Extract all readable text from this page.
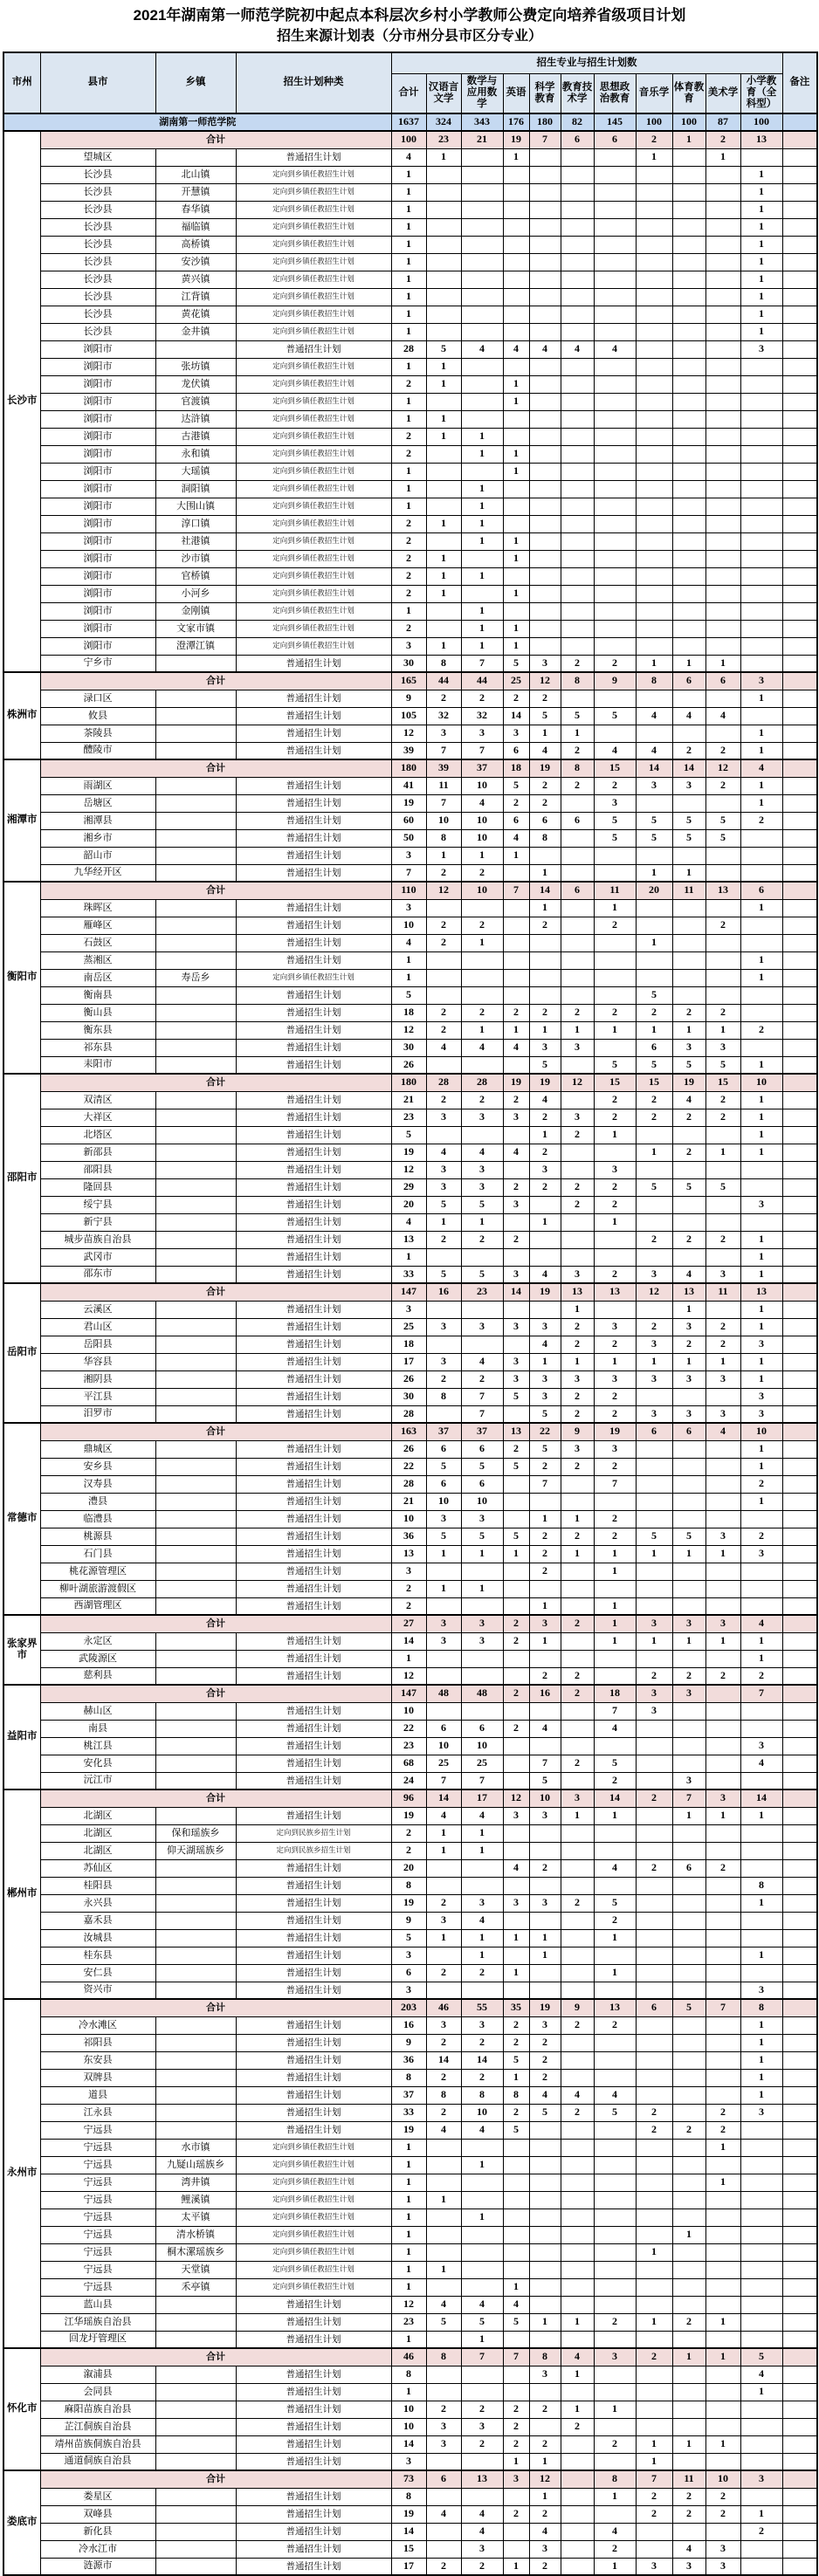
2021年湖南第一师范学院初中起点本科层次乡村小学教师公费定向培养省级项目计划
招生来源计划表（分市州分县市区分专业）
市州	县市	乡镇	招生计划种类	招生专业与招生计划数											备注
				合计	汉语言文学	数学与应用数学	英语	科学教育	教育技术学	思想政治教育	音乐学	体育教育	美术学	小学教育（全科型）	
湖南第一师范学院				1637	324	343	176	180	82	145	100	100	87	100	
长沙市	合计			100	23	21	19	7	6	6	2	1	2	13	
	望城区		普通招生计划	4	1		1				1		1		
	长沙县	北山镇	定向到乡镇任教招生计划	1										1	
	长沙县	开慧镇	定向到乡镇任教招生计划	1										1	
	长沙县	春华镇	定向到乡镇任教招生计划	1										1	
	长沙县	福临镇	定向到乡镇任教招生计划	1										1	
	长沙县	高桥镇	定向到乡镇任教招生计划	1										1	
	长沙县	安沙镇	定向到乡镇任教招生计划	1										1	
	长沙县	黄兴镇	定向到乡镇任教招生计划	1										1	
	长沙县	江背镇	定向到乡镇任教招生计划	1										1	
	长沙县	黄花镇	定向到乡镇任教招生计划	1										1	
	长沙县	金井镇	定向到乡镇任教招生计划	1										1	
	浏阳市		普通招生计划	28	5	4	4	4	4	4				3	
	浏阳市	张坊镇	定向到乡镇任教招生计划	1	1										
	浏阳市	龙伏镇	定向到乡镇任教招生计划	2	1		1								
	浏阳市	官渡镇	定向到乡镇任教招生计划	1			1								
	浏阳市	达浒镇	定向到乡镇任教招生计划	1	1										
	浏阳市	古港镇	定向到乡镇任教招生计划	2	1	1									
	浏阳市	永和镇	定向到乡镇任教招生计划	2		1	1								
	浏阳市	大瑶镇	定向到乡镇任教招生计划	1			1								
	浏阳市	洞阳镇	定向到乡镇任教招生计划	1		1									
	浏阳市	大围山镇	定向到乡镇任教招生计划	1		1									
	浏阳市	淳口镇	定向到乡镇任教招生计划	2	1	1									
	浏阳市	社港镇	定向到乡镇任教招生计划	2		1	1								
	浏阳市	沙市镇	定向到乡镇任教招生计划	2	1		1								
	浏阳市	官桥镇	定向到乡镇任教招生计划	2	1	1									
	浏阳市	小河乡	定向到乡镇任教招生计划	2	1		1								
	浏阳市	金刚镇	定向到乡镇任教招生计划	1		1									
	浏阳市	文家市镇	定向到乡镇任教招生计划	2		1	1								
	浏阳市	澄潭江镇	定向到乡镇任教招生计划	3	1	1	1								
	宁乡市		普通招生计划	30	8	7	5	3	2	2	1	1	1		
株洲市	合计			165	44	44	25	12	8	9	8	6	6	3	
	渌口区		普通招生计划	9	2	2	2	2						1	
	攸县		普通招生计划	105	32	32	14	5	5	5	4	4	4		
	茶陵县		普通招生计划	12	3	3	3	1	1					1	
	醴陵市		普通招生计划	39	7	7	6	4	2	4	4	2	2	1	
湘潭市	合计			180	39	37	18	19	8	15	14	14	12	4	
	雨湖区		普通招生计划	41	11	10	5	2	2	2	3	3	2	1	
	岳塘区		普通招生计划	19	7	4	2	2		3				1	
	湘潭县		普通招生计划	60	10	10	6	6	6	5	5	5	5	2	
	湘乡市		普通招生计划	50	8	10	4	8		5	5	5	5		
	韶山市		普通招生计划	3	1	1	1								
	九华经开区		普通招生计划	7	2	2		1			1	1			
衡阳市	合计			110	12	10	7	14	6	11	20	11	13	6	
	珠晖区		普通招生计划	3				1		1				1	
	雁峰区		普通招生计划	10	2	2		2		2			2		
	石鼓区		普通招生计划	4	2	1					1				
	蒸湘区		普通招生计划	1										1	
	南岳区	寿岳乡	定向到乡镇任教招生计划	1										1	
	衡南县		普通招生计划	5							5				
	衡山县		普通招生计划	18	2	2	2	2	2	2	2	2	2		
	衡东县		普通招生计划	12	2	1	1	1	1	1	1	1	1	2	
	祁东县		普通招生计划	30	4	4	4	3	3		6	3	3		
	耒阳市		普通招生计划	26				5		5	5	5	5	1	
邵阳市	合计			180	28	28	19	19	12	15	15	19	15	10	
	双清区		普通招生计划	21	2	2	2	4		2	2	4	2	1	
	大祥区		普通招生计划	23	3	3	3	2	3	2	2	2	2	1	
	北塔区		普通招生计划	5				1	2	1				1	
	新邵县		普通招生计划	19	4	4	4	2			1	2	1	1	
	邵阳县		普通招生计划	12	3	3		3		3					
	隆回县		普通招生计划	29	3	3	2	2	2	2	5	5	5		
	绥宁县		普通招生计划	20	5	5	3		2	2				3	
	新宁县		普通招生计划	4	1	1		1		1					
	城步苗族自治县		普通招生计划	13	2	2	2				2	2	2	1	
	武冈市		普通招生计划	1										1	
	邵东市		普通招生计划	33	5	5	3	4	3	2	3	4	3	1	
岳阳市	合计			147	16	23	14	19	13	13	12	13	11	13	
	云溪区		普通招生计划	3					1			1		1	
	君山区		普通招生计划	25	3	3	3	3	2	3	2	3	2	1	
	岳阳县		普通招生计划	18				4	2	2	3	2	2	3	
	华容县		普通招生计划	17	3	4	3	1	1	1	1	1	1	1	
	湘阴县		普通招生计划	26	2	2	3	3	3	3	3	3	3	1	
	平江县		普通招生计划	30	8	7	5	3	2	2				3	
	汨罗市		普通招生计划	28		7		5	2	2	3	3	3	3	
常德市	合计			163	37	37	13	22	9	19	6	6	4	10	
	鼎城区		普通招生计划	26	6	6	2	5	3	3				1	
	安乡县		普通招生计划	22	5	5	5	2	2	2				1	
	汉寿县		普通招生计划	28	6	6		7		7				2	
	澧县		普通招生计划	21	10	10								1	
	临澧县		普通招生计划	10	3	3		1	1	2					
	桃源县		普通招生计划	36	5	5	5	2	2	2	5	5	3	2	
	石门县		普通招生计划	13	1	1	1	2	1	1	1	1	1	3	
	桃花源管理区		普通招生计划	3				2		1					
	柳叶湖旅游渡假区		普通招生计划	2	1	1									
	西湖管理区		普通招生计划	2				1		1					
张家界市	合计			27	3	3	2	3	2	1	3	3	3	4	
	永定区		普通招生计划	14	3	3	2	1		1	1	1	1	1	
	武陵源区		普通招生计划	1										1	
	慈利县		普通招生计划	12				2	2		2	2	2	2	
益阳市	合计			147	48	48	2	16	2	18	3	3		7	
	赫山区		普通招生计划	10						7	3				
	南县		普通招生计划	22	6	6	2	4		4					
	桃江县		普通招生计划	23	10	10								3	
	安化县		普通招生计划	68	25	25		7	2	5				4	
	沅江市		普通招生计划	24	7	7		5		2		3			
郴州市	合计			96	14	17	12	10	3	14	2	7	3	14	
	北湖区		普通招生计划	19	4	4	3	3	1	1		1	1	1	
	北湖区	保和瑶族乡	定向到民族乡招生计划	2	1	1									
	北湖区	仰天湖瑶族乡	定向到民族乡招生计划	2	1	1									
	苏仙区		普通招生计划	20			4	2		4	2	6	2		
	桂阳县		普通招生计划	8										8	
	永兴县		普通招生计划	19	2	3	3	3	2	5				1	
	嘉禾县		普通招生计划	9	3	4				2					
	汝城县		普通招生计划	5	1	1	1	1		1					
	桂东县		普通招生计划	3		1		1						1	
	安仁县		普通招生计划	6	2	2	1			1					
	资兴市		普通招生计划	3										3	
永州市	合计			203	46	55	35	19	9	13	6	5	7	8	
	冷水滩区		普通招生计划	16	3	3	2	3	2	2				1	
	祁阳县		普通招生计划	9	2	2	2	2						1	
	东安县		普通招生计划	36	14	14	5	2						1	
	双牌县		普通招生计划	8	2	2	1	2						1	
	道县		普通招生计划	37	8	8	8	4	4	4				1	
	江永县		普通招生计划	33	2	10	2	5	2	5	2		2	3	
	宁远县		普通招生计划	19	4	4	5				2	2	2		
	宁远县	水市镇	定向到乡镇任教招生计划	1									1		
	宁远县	九疑山瑶族乡	定向到乡镇任教招生计划	1		1									
	宁远县	湾井镇	定向到乡镇任教招生计划	1									1		
	宁远县	鲤溪镇	定向到乡镇任教招生计划	1	1										
	宁远县	太平镇	定向到乡镇任教招生计划	1		1									
	宁远县	清水桥镇	定向到乡镇任教招生计划	1								1			
	宁远县	桐木漯瑶族乡	定向到乡镇任教招生计划	1							1				
	宁远县	天堂镇	定向到乡镇任教招生计划	1	1										
	宁远县	禾亭镇	定向到乡镇任教招生计划	1			1								
	蓝山县		普通招生计划	12	4	4	4								
	江华瑶族自治县		普通招生计划	23	5	5	5	1	1	2	1	2	1		
	回龙圩管理区		普通招生计划	1		1									
怀化市	合计			46	8	7	7	8	4	3	2	1	1	5	
	溆浦县		普通招生计划	8				3	1					4	
	会同县		普通招生计划	1										1	
	麻阳苗族自治县		普通招生计划	10	2	2	2	2	1	1					
	芷江侗族自治县		普通招生计划	10	3	3	2		2						
	靖州苗族侗族自治县		普通招生计划	14	3	2	2	2		2	1	1	1		
	通道侗族自治县		普通招生计划	3			1	1			1				
娄底市	合计			73	6	13	3	12		8	7	11	10	3	
	娄星区		普通招生计划	8				1		1	2	2	2		
	双峰县		普通招生计划	19	4	4	2	2			2	2	2	1	
	新化县		普通招生计划	14		4		4		4				2	
	冷水江市		普通招生计划	15		3		3		2		4	3		
	涟源市		普通招生计划	17	2	2	1	2		1	3	3	3		
